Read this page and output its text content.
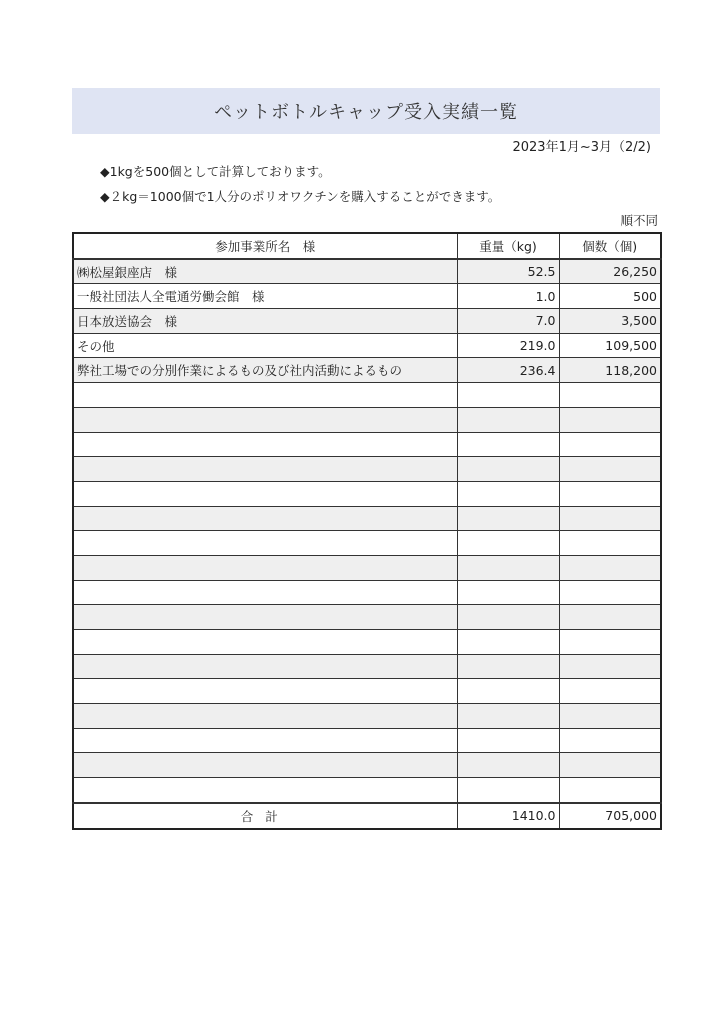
ペットボトルキャップ受入実績一覧
2023年1月~3月（2/2)
◆1kgを500個として計算しております。
◆２kg＝1000個で1人分のポリオワクチンを購入することができます。
順不同
参加事業所名　様	重量（kg)	個数（個)
㈱松屋銀座店　様	52.5	26,250
一般社団法人全電通労働会館　様	1.0	500
日本放送協会　様	7.0	3,500
その他	219.0	109,500
弊社工場での分別作業によるもの及び社内活動によるもの	236.4	118,200

合計	1410.0	705,000
